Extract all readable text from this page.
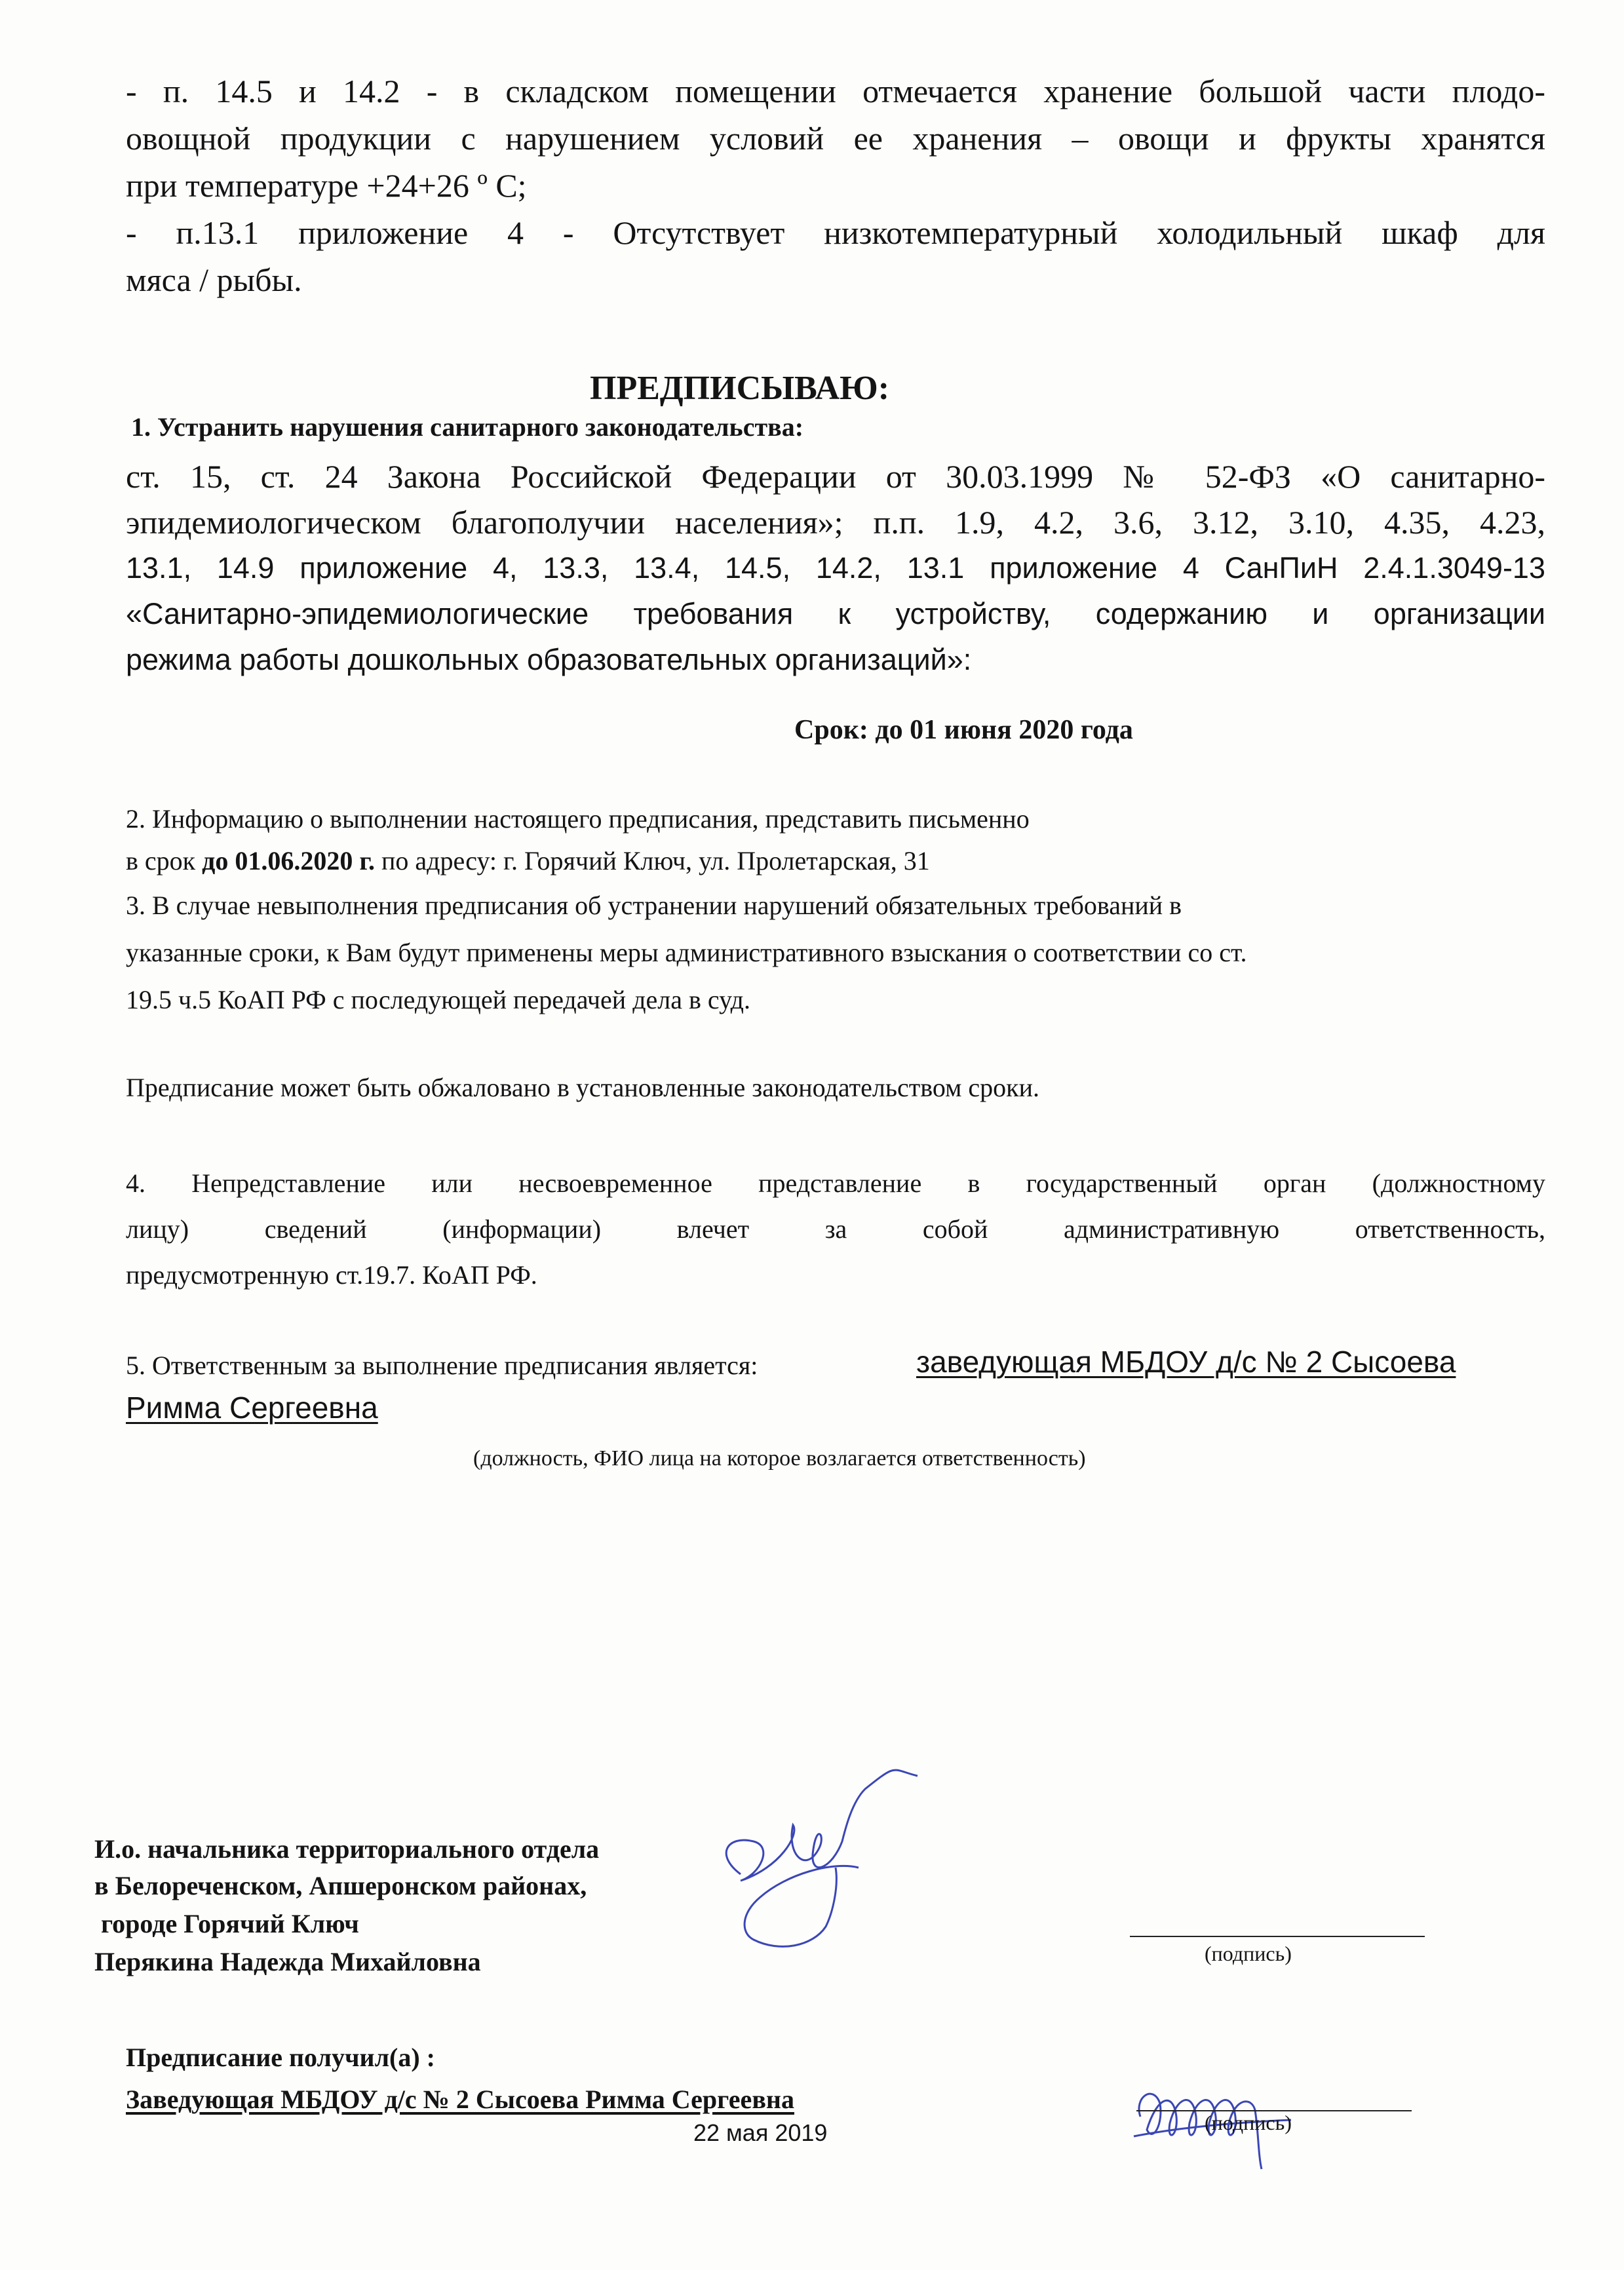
- п. 14.5 и 14.2 - в складском помещении отмечается хранение большой части плодо-
овощной продукции с нарушением условий ее хранения – овощи и фрукты хранятся
при температуре +24+26 º С;
- п.13.1 приложение 4 - Отсутствует низкотемпературный холодильный шкаф для
мяса / рыбы.
ПРЕДПИСЫВАЮ:
1. Устранить нарушения санитарного законодательства:
ст. 15, ст. 24 Закона Российской Федерации от 30.03.1999 № 52-ФЗ «О санитарно-
эпидемиологическом благополучии населения»; п.п. 1.9, 4.2, 3.6, 3.12, 3.10, 4.35, 4.23,
13.1, 14.9 приложение 4, 13.3, 13.4, 14.5, 14.2, 13.1 приложение 4 СанПиН 2.4.1.3049-13
«Санитарно-эпидемиологические требования к устройству, содержанию и организации
режима работы дошкольных образовательных организаций»:
Срок: до 01 июня 2020 года
2. Информацию о выполнении настоящего предписания, представить письменно
в срок до 01.06.2020 г. по адресу: г. Горячий Ключ, ул. Пролетарская, 31
3. В случае невыполнения предписания об устранении нарушений обязательных требований в
указанные сроки, к Вам будут применены меры административного взыскания о соответствии со ст.
19.5 ч.5 КоАП РФ с последующей передачей дела в суд.
Предписание может быть обжаловано в установленные законодательством сроки.
4. Непредставление или несвоевременное представление в государственный орган (должностному
лицу) сведений (информации) влечет за собой административную ответственность,
предусмотренную ст.19.7. КоАП РФ.
5. Ответственным за выполнение предписания является:	заведующая МБДОУ д/с № 2 Сысоева
Римма Сергеевна
(должность, ФИО лица на которое возлагается ответственность)
И.о. начальника территориального отдела
в Белореченском, Апшеронском районах,
городе Горячий Ключ
Перякина Надежда Михайловна	(подпись)
Предписание получил(а) :
Заведующая МБДОУ д/с № 2 Сысоева Римма Сергеевна
22 мая 2019	(подпись)
